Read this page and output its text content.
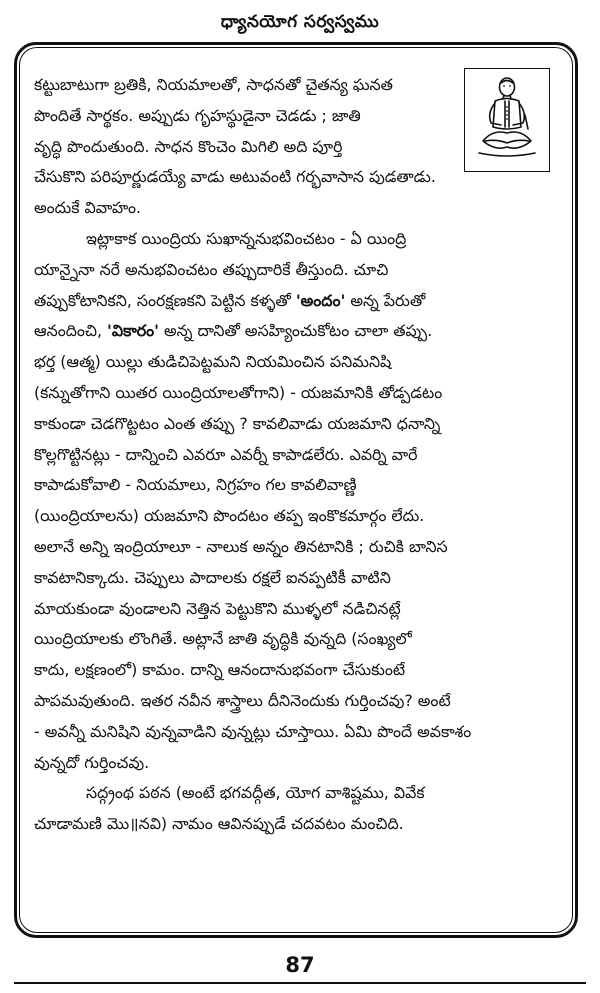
ధ్యానయోగ సర్వస్వము
కట్టుబాటుగా బ్రతికి, నియమాలతో, సాధనతో చైతన్య ఘనత
పొందితే సార్థకం. అప్పుడు గృహస్థుడైనా చెడడు ; జాతి
వృద్ధి పొందుతుంది. సాధన కొంచెం మిగిలి అది పూర్తి
చేసుకొని పరిపూర్ణుడయ్యే వాడు అటువంటి గర్భవాసాన పుడతాడు.
అందుకే వివాహం.
ఇట్లాకాక యింద్రియ సుఖాన్ననుభవించటం - ఏ యింద్రి
యాన్నైనా నరే అనుభవించటం తప్పుదారికే తీస్తుంది. చూచి
తప్పుకోటానికని, సంరక్షణకని పెట్టిన కళ్ళతో 'అందం' అన్న పేరుతో
ఆనందించి, 'వికారం' అన్న దానితో అసహ్యించుకోటం చాలా తప్పు.
భర్త (ఆత్మ) యిల్లు తుడిచిపెట్టమని నియమించిన పనిమనిషి
(కన్నుతోగాని యితర యింద్రియాలతోగాని) - యజమానికి తోడ్పడటం
కాకుండా చెడగొట్టటం ఎంత తప్పు ? కావలివాడు యజమాని ధనాన్ని
కొల్లగొట్టినట్లు - దాన్నించి ఎవరూ ఎవర్నీ కాపాడలేరు. ఎవర్ని వారే
కాపాడుకోవాలి - నియమాలు, నిగ్రహం గల కావలివాణ్ణి
(యింద్రియాలను) యజమాని పొందటం తప్ప ఇంకొకమార్గం లేదు.
అలానే అన్ని ఇంద్రియాలూ - నాలుక అన్నం తినటానికి ; రుచికి బానిస
కావటానిక్కాదు. చెప్పులు పాదాలకు రక్షలే ఐనప్పటికీ వాటిని
మాయకుండా వుండాలని నెత్తిన పెట్టుకొని ముళ్ళలో నడిచినట్లే
యింద్రియాలకు లొంగితే. అట్లానే జాతి వృద్ధికి వున్నది (సంఖ్యలో
కాదు, లక్షణంలో) కామం. దాన్ని ఆనందానుభవంగా చేసుకుంటే
పాపమవుతుంది. ఇతర నవీన శాస్త్రాలు దీనినెందుకు గుర్తించవు? అంటే
- అవన్నీ మనిషిని వున్నవాడిని వున్నట్లు చూస్తాయి. ఏమి పొందే అవకాశం
వున్నదో గుర్తించవు.
సద్గ్రంథ పఠన (అంటే భగవద్గీత, యోగ వాశిష్టము, వివేక
చూడామణి మొ॥నవి) నామం ఆవినప్పుడే చదవటం మంచిది.
87
